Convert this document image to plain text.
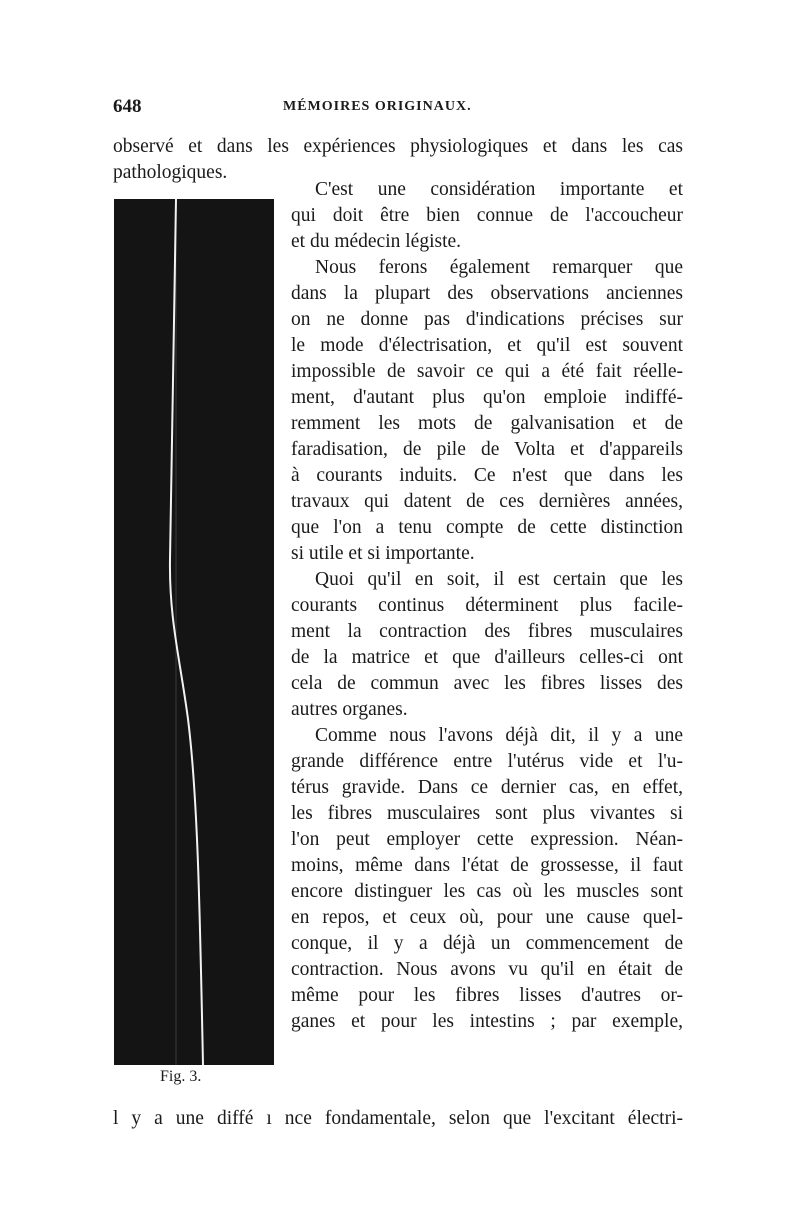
648	MÉMOIRES ORIGINAUX.
observé et dans les expériences physiologiques et dans les cas
pathologiques.
Fig. 3.
C'est une considération importante et
qui doit être bien connue de l'accoucheur
et du médecin légiste.
Nous ferons également remarquer que
dans la plupart des observations anciennes
on ne donne pas d'indications précises sur
le mode d'électrisation, et qu'il est souvent
impossible de savoir ce qui a été fait réelle-
ment, d'autant plus qu'on emploie indiffé-
remment les mots de galvanisation et de
faradisation, de pile de Volta et d'appareils
à courants induits. Ce n'est que dans les
travaux qui datent de ces dernières années,
que l'on a tenu compte de cette distinction
si utile et si importante.
Quoi qu'il en soit, il est certain que les
courants continus déterminent plus facile-
ment la contraction des fibres musculaires
de la matrice et que d'ailleurs celles-ci ont
cela de commun avec les fibres lisses des
autres organes.
Comme nous l'avons déjà dit, il y a une
grande différence entre l'utérus vide et l'u-
térus gravide. Dans ce dernier cas, en effet,
les fibres musculaires sont plus vivantes si
l'on peut employer cette expression. Néan-
moins, même dans l'état de grossesse, il faut
encore distinguer les cas où les muscles sont
en repos, et ceux où, pour une cause quel-
conque, il y a déjà un commencement de
contraction. Nous avons vu qu'il en était de
même pour les fibres lisses d'autres or-
ganes et pour les intestins ; par exemple,
l y a une diffé ı nce fondamentale, selon que l'excitant électri-
